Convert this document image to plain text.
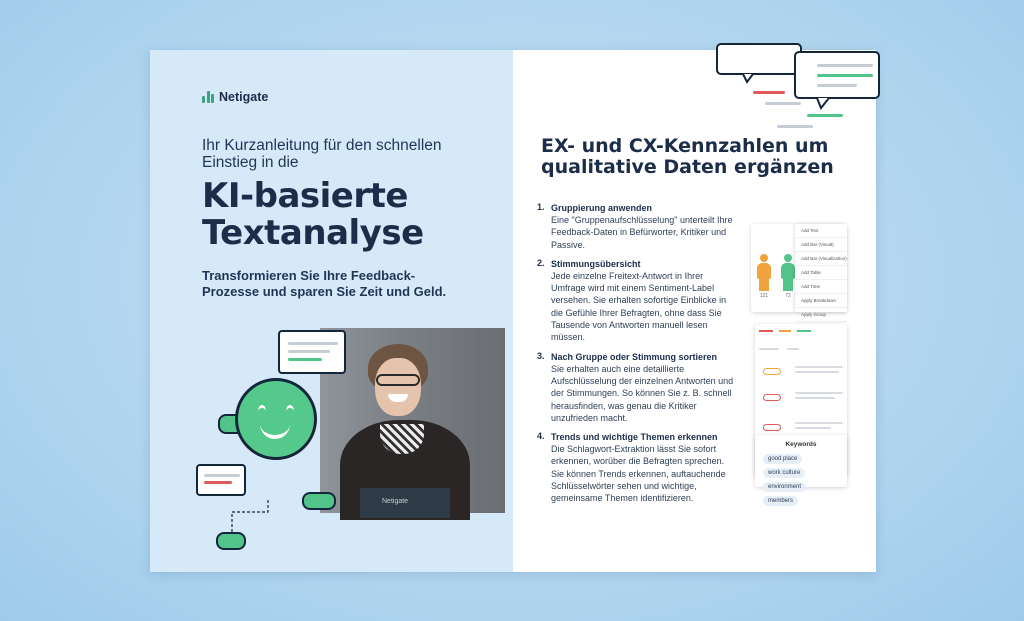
Netigate
Ihr Kurzanleitung für den schnellen Einstieg in die
KI-basierte
Textanalyse
Transformieren Sie Ihre Feedback-Prozesse und sparen Sie Zeit und Geld.
Netigate
EX- und CX-Kennzahlen um qualitative Daten ergänzen
1. Gruppierung anwenden
Eine "Gruppenaufschlüsselung" unterteilt Ihre Feedback-Daten in Befürworter, Kritiker und Passive.
2. Stimmungsübersicht
Jede einzelne Freitext-Antwort in Ihrer Umfrage wird mit einem Sentiment-Label versehen. Sie erhalten sofortige Einblicke in die Gefühle Ihrer Befragten, ohne dass Sie Tausende von Antworten manuell lesen müssen.
3. Nach Gruppe oder Stimmung sortieren
Sie erhalten auch eine detaillierte Aufschlüsselung der einzelnen Antworten und der Stimmungen. So können Sie z. B. schnell herausfinden, was genau die Kritiker unzufrieden macht.
4. Trends und wichtige Themen erkennen
Die Schlagwort-Extraktion lässt Sie sofort erkennen, worüber die Befragten sprechen. Sie können Trends erkennen, auftauchende Schlüsselwörter sehen und wichtige, gemeinsame Themen identifizieren.
121	72
Add Text
Add Bar (Visual)
Add Bar (Visualization)
Add Table
Add Time
Apply Breakdown
Apply Group
Keywords
good place
work culture
environment
members
